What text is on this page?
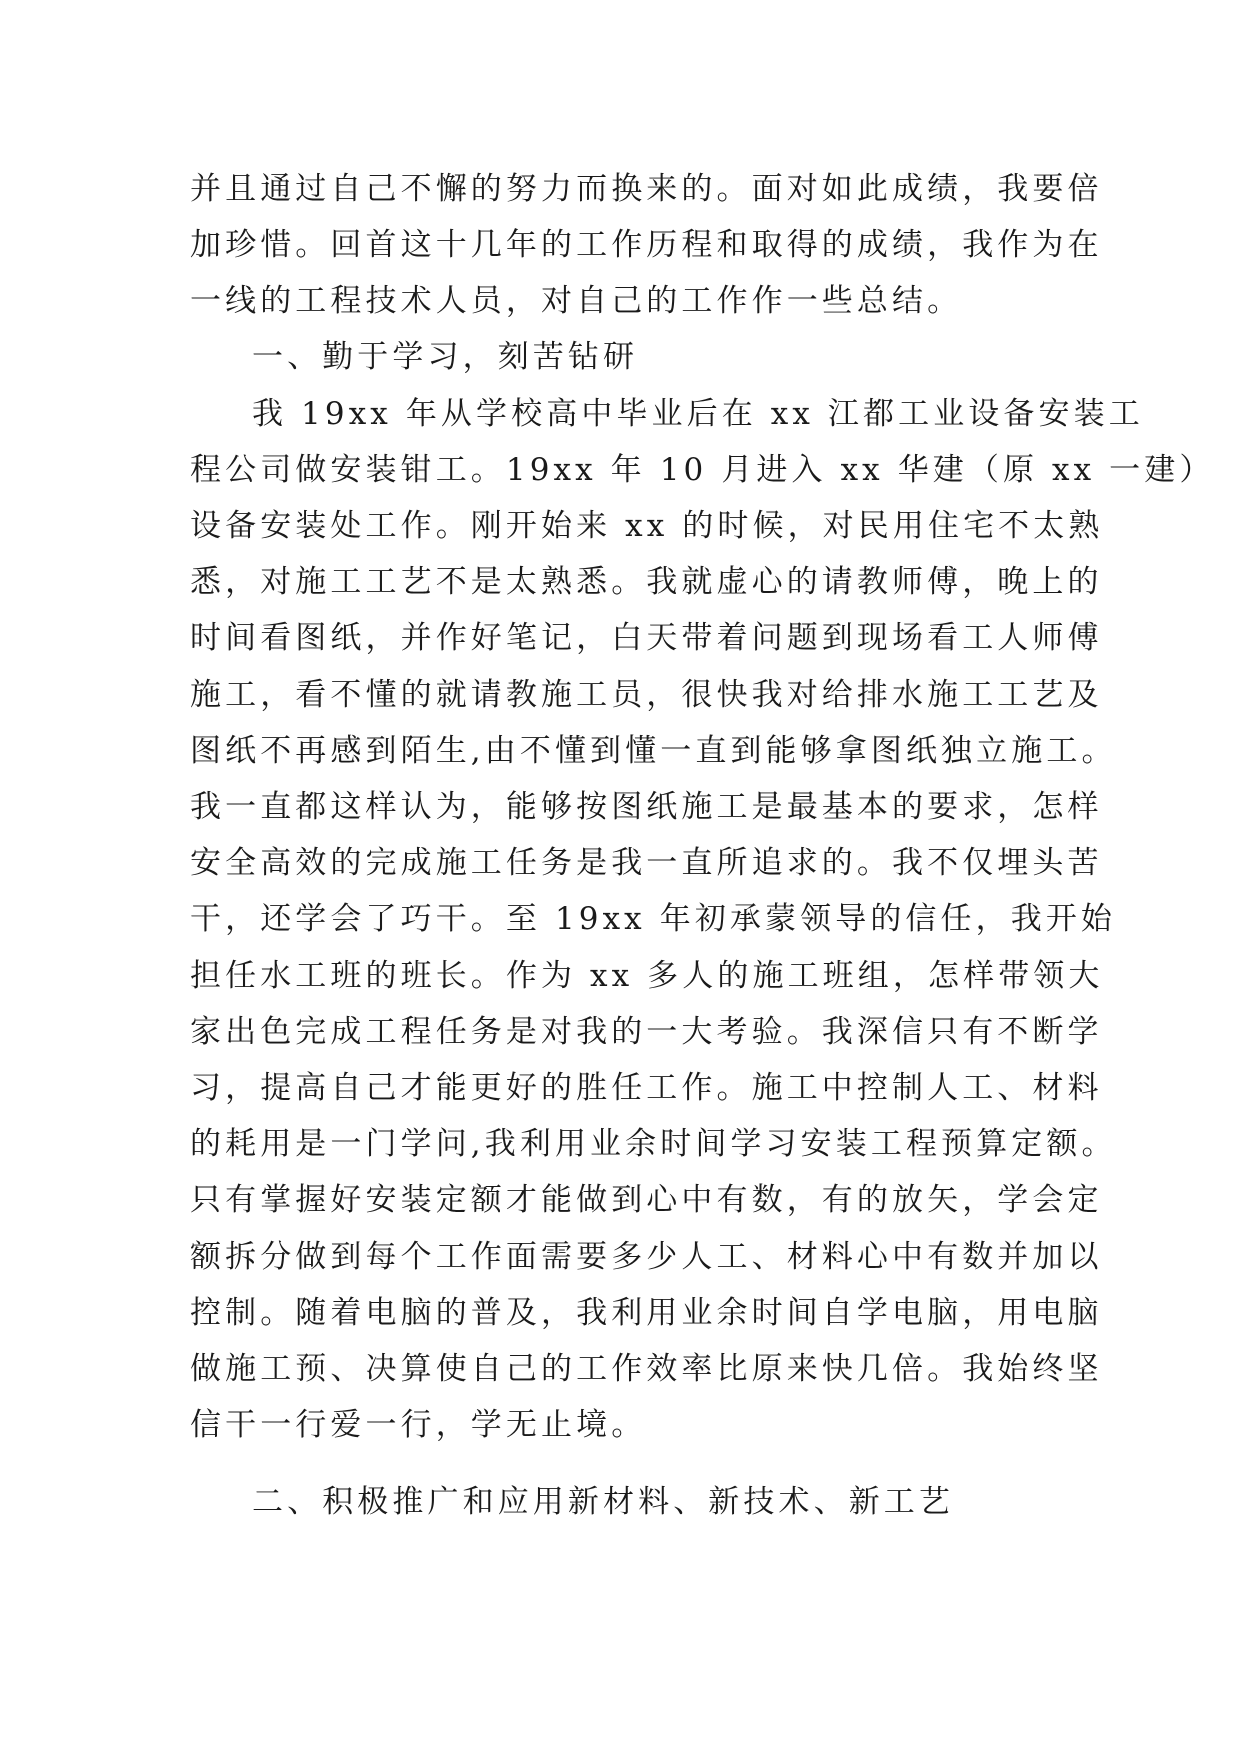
并且通过自己不懈的努力而换来的。面对如此成绩，我要倍
加珍惜。回首这十几年的工作历程和取得的成绩，我作为在
一线的工程技术人员，对自己的工作作一些总结。
一、勤于学习，刻苦钻研
我 19xx 年从学校高中毕业后在 xx 江都工业设备安装工
程公司做安装钳工。19xx 年 10 月进入 xx 华建（原 xx 一建）
设备安装处工作。刚开始来 xx 的时候，对民用住宅不太熟
悉，对施工工艺不是太熟悉。我就虚心的请教师傅，晚上的
时间看图纸，并作好笔记，白天带着问题到现场看工人师傅
施工，看不懂的就请教施工员，很快我对给排水施工工艺及
图纸不再感到陌生,由不懂到懂一直到能够拿图纸独立施工。
我一直都这样认为，能够按图纸施工是最基本的要求，怎样
安全高效的完成施工任务是我一直所追求的。我不仅埋头苦
干，还学会了巧干。至 19xx 年初承蒙领导的信任，我开始
担任水工班的班长。作为 xx 多人的施工班组，怎样带领大
家出色完成工程任务是对我的一大考验。我深信只有不断学
习，提高自己才能更好的胜任工作。施工中控制人工、材料
的耗用是一门学问,我利用业余时间学习安装工程预算定额。
只有掌握好安装定额才能做到心中有数，有的放矢，学会定
额拆分做到每个工作面需要多少人工、材料心中有数并加以
控制。随着电脑的普及，我利用业余时间自学电脑，用电脑
做施工预、决算使自己的工作效率比原来快几倍。我始终坚
信干一行爱一行，学无止境。
二、积极推广和应用新材料、新技术、新工艺
